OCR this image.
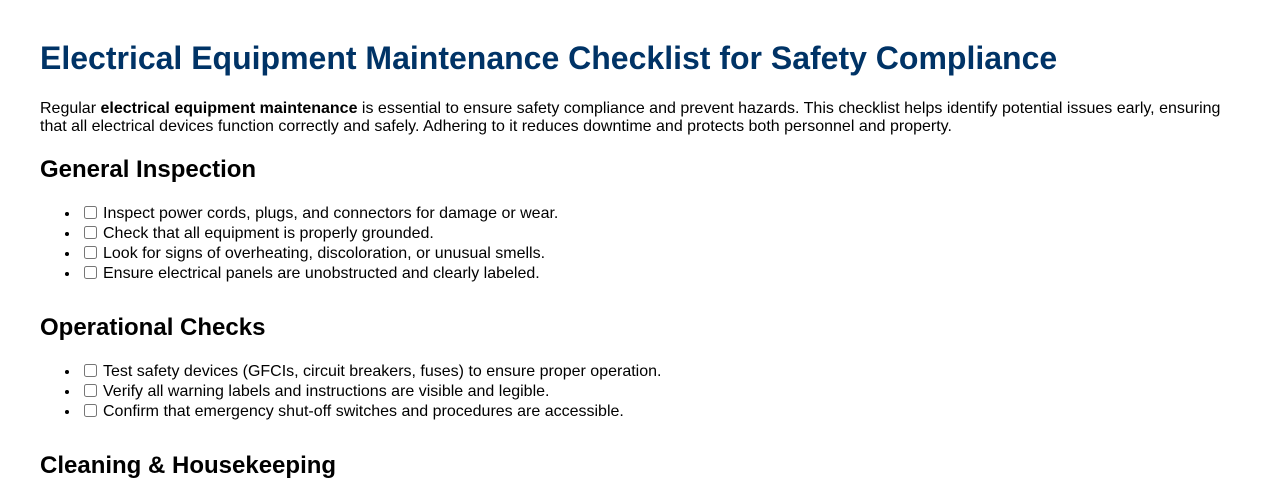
Electrical Equipment Maintenance Checklist for Safety Compliance

Regular electrical equipment maintenance is essential to ensure safety compliance and prevent hazards. This checklist helps identify potential issues early, ensuring that all electrical devices function correctly and safely. Adhering to it reduces downtime and protects both personnel and property.

General Inspection
• Inspect power cords, plugs, and connectors for damage or wear.
• Check that all equipment is properly grounded.
• Look for signs of overheating, discoloration, or unusual smells.
• Ensure electrical panels are unobstructed and clearly labeled.
Operational Checks
• Test safety devices (GFCIs, circuit breakers, fuses) to ensure proper operation.
• Verify all warning labels and instructions are visible and legible.
• Confirm that emergency shut-off switches and procedures are accessible.
Cleaning & Housekeeping
